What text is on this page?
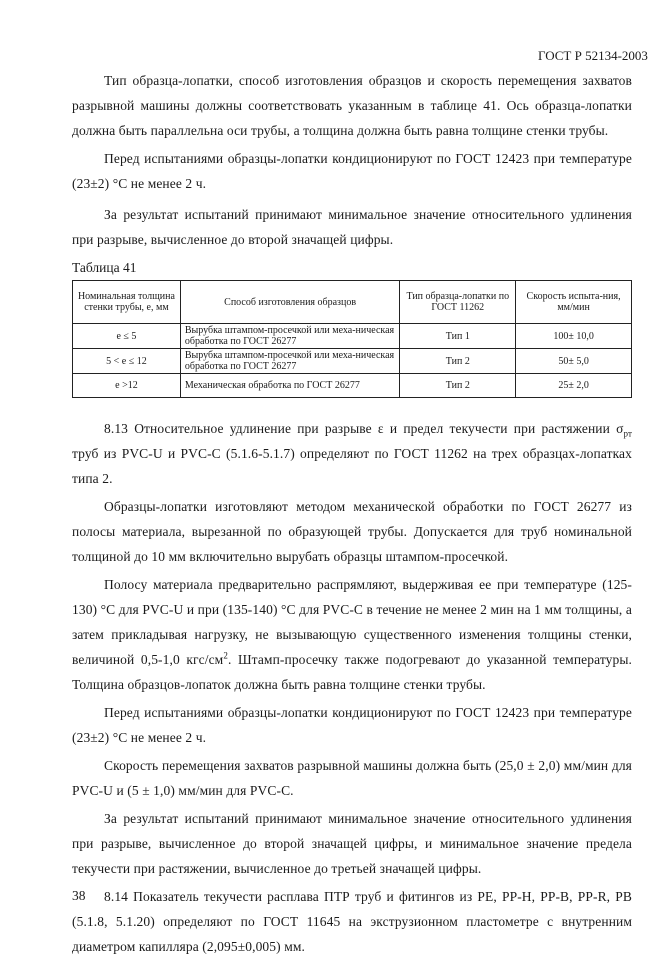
ГОСТ Р 52134-2003

Тип образца-лопатки, способ изготовления образцов и скорость перемещения захватов разрывной машины должны соответствовать указанным в таблице 41. Ось образца-лопатки должна быть параллельна оси трубы, а толщина должна быть равна толщине стенки трубы.

Перед испытаниями образцы-лопатки кондиционируют по ГОСТ 12423 при температуре (23±2) °С не менее 2 ч.

За результат испытаний принимают минимальное значение относительного удлинения при разрыве, вычисленное до второй значащей цифры.

Таблица 41
Номинальная толщина стенки трубы, е, мм	Способ изготовления образцов	Тип образца-лопатки по ГОСТ 11262	Скорость испыта-ния, мм/мин
e ≤ 5	Вырубка штампом-просечкой или меха-ническая обработка по ГОСТ 26277	Тип 1	100± 10,0
5 < e ≤ 12	Вырубка штампом-просечкой или меха-ническая обработка по ГОСТ 26277	Тип 2	50± 5,0
e >12	Механическая обработка по ГОСТ 26277	Тип 2	25± 2,0

8.13 Относительное удлинение при разрыве ε и предел текучести при растяжении $\sigma_{рт}$ труб из PVC-U и PVC-C (5.1.6-5.1.7) определяют по ГОСТ 11262 на трех образцах-лопатках типа 2.

Образцы-лопатки изготовляют методом механической обработки по ГОСТ 26277 из полосы материала, вырезанной по образующей трубы. Допускается для труб номинальной толщиной до 10 мм включительно вырубать образцы штампом-просечкой.

Полосу материала предварительно распрямляют, выдерживая ее при температуре (125-130) °С для PVC-U и при (135-140) °С для PVC-C в течение не менее 2 мин на 1 мм толщины, а затем прикладывая нагрузку, не вызывающую существенного изменения толщины стенки, величиной 0,5-1,0 кгс/$см^2$. Штамп-просечку также подогревают до указанной температуры. Толщина образцов-лопаток должна быть равна толщине стенки трубы.

Перед испытаниями образцы-лопатки кондиционируют по ГОСТ 12423 при температуре (23±2) °С не менее 2 ч.

Скорость перемещения захватов разрывной машины должна быть (25,0 ± 2,0) мм/мин для PVC-U и (5 ± 1,0) мм/мин для PVC-C.

За результат испытаний принимают минимальное значение относительного удлинения при разрыве, вычисленное до второй значащей цифры, и минимальное значение предела текучести при растяжении, вычисленное до третьей значащей цифры.

8.14 Показатель текучести расплава ПТР труб и фитингов из PE, PP-H, PP-B, PP-R, PB (5.1.8, 5.1.20) определяют по ГОСТ 11645 на экструзионном пластометре с внутренним диаметром капилляра (2,095±0,005) мм.

38
